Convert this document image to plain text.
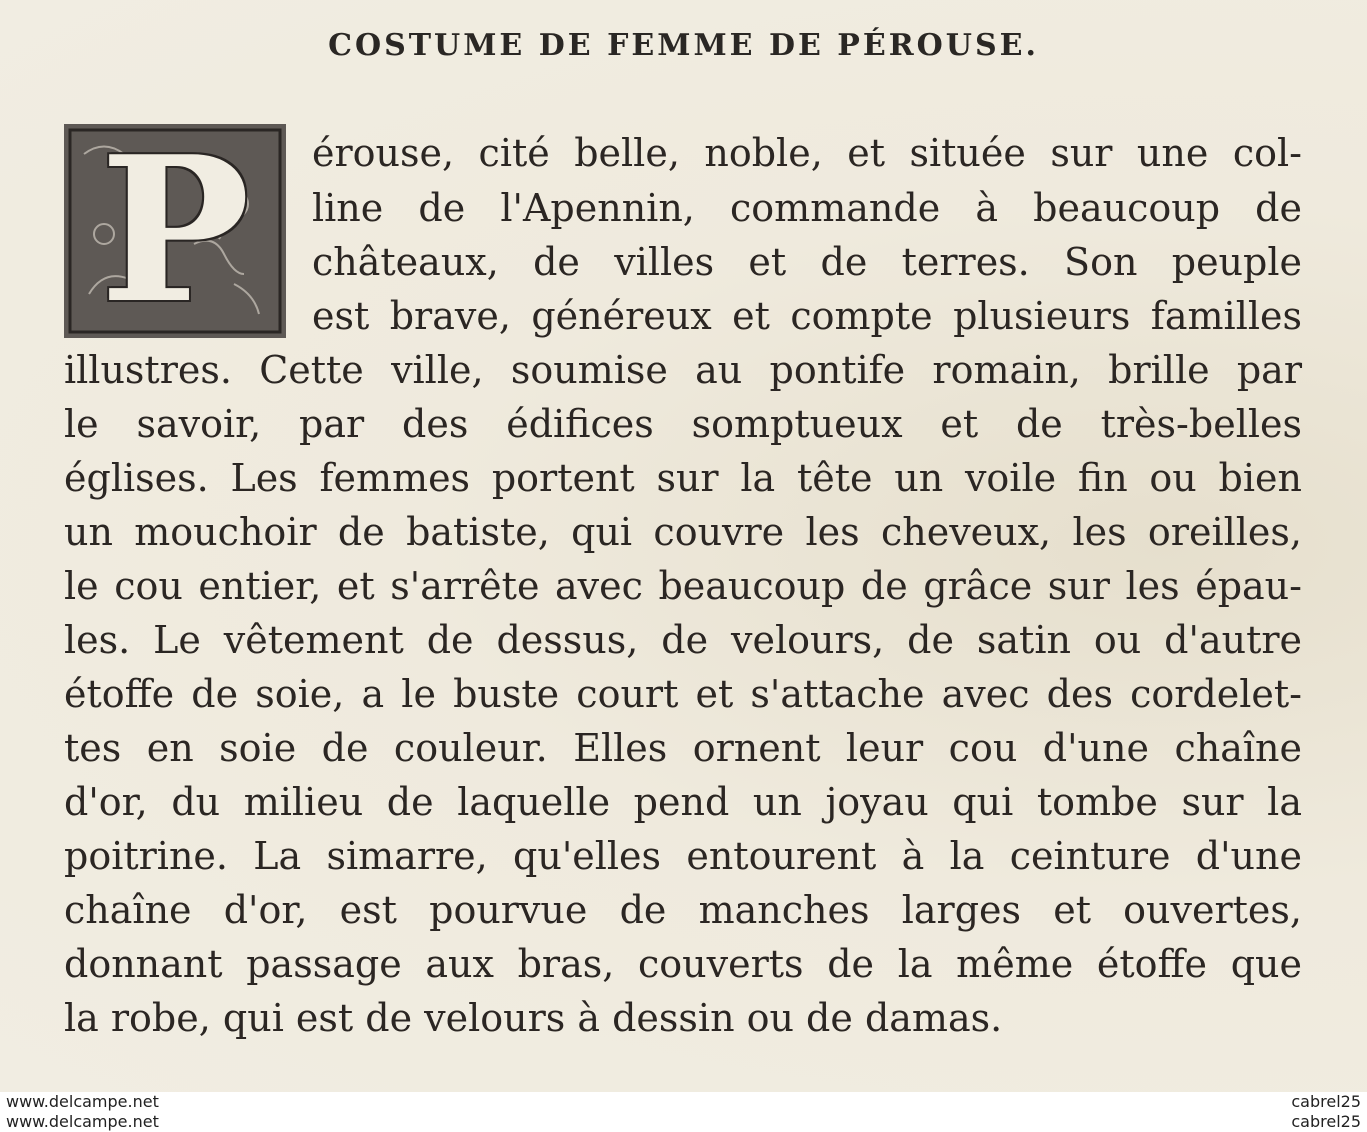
COSTUME DE FEMME DE PÉROUSE.
P	érouse, cité belle, noble, et située sur une col-
line de l'Apennin, commande à beaucoup de
châteaux, de villes et de terres. Son peuple
est brave, généreux et compte plusieurs familles
illustres. Cette ville, soumise au pontife romain, brille par
le savoir, par des édifices somptueux et de très-belles
églises. Les femmes portent sur la tête un voile fin ou bien
un mouchoir de batiste, qui couvre les cheveux, les oreilles,
le cou entier, et s'arrête avec beaucoup de grâce sur les épau-
les. Le vêtement de dessus, de velours, de satin ou d'autre
étoffe de soie, a le buste court et s'attache avec des cordelet-
tes en soie de couleur. Elles ornent leur cou d'une chaîne
d'or, du milieu de laquelle pend un joyau qui tombe sur la
poitrine. La simarre, qu'elles entourent à la ceinture d'une
chaîne d'or, est pourvue de manches larges et ouvertes,
donnant passage aux bras, couverts de la même étoffe que
la robe, qui est de velours à dessin ou de damas.
www.delcampe.net
www.delcampe.net
cabrel25
cabrel25
